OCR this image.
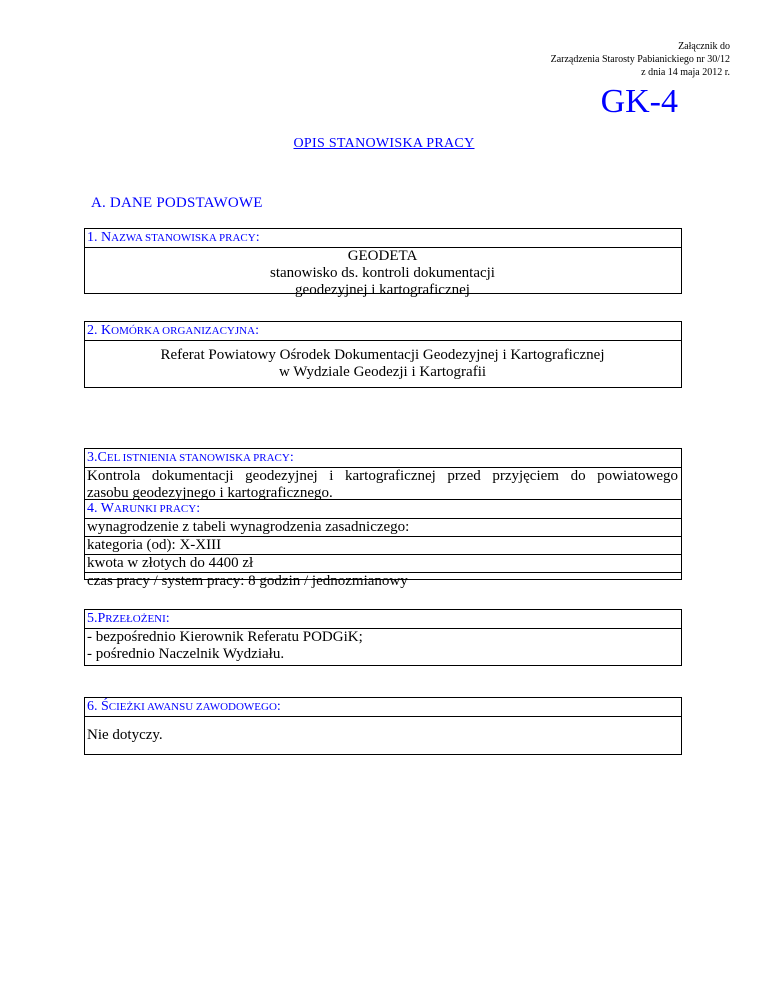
Załącznik do
Zarządzenia Starosty Pabianickiego nr 30/12
z dnia 14 maja 2012 r.
GK-4
OPIS STANOWISKA PRACY
A. DANE PODSTAWOWE
1. NAZWA STANOWISKA PRACY:
GEODETA
stanowisko ds. kontroli dokumentacji
geodezyjnej i kartograficznej
2. KOMÓRKA ORGANIZACYJNA:
Referat Powiatowy Ośrodek Dokumentacji Geodezyjnej i Kartograficznej
w Wydziale Geodezji i Kartografii
3.CEL ISTNIENIA STANOWISKA PRACY:
Kontrola dokumentacji geodezyjnej i kartograficznej przed przyjęciem do powiatowego
zasobu geodezyjnego i kartograficznego.
4. WARUNKI PRACY:
wynagrodzenie z tabeli wynagrodzenia zasadniczego:
kategoria (od): X-XIII
kwota w złotych do 4400 zł
czas pracy / system pracy: 8 godzin / jednozmianowy
5.PRZEŁOŻENI:
- bezpośrednio Kierownik Referatu PODGiK;
- pośrednio Naczelnik Wydziału.
6. ŚCIEŻKI AWANSU ZAWODOWEGO:
Nie dotyczy.
